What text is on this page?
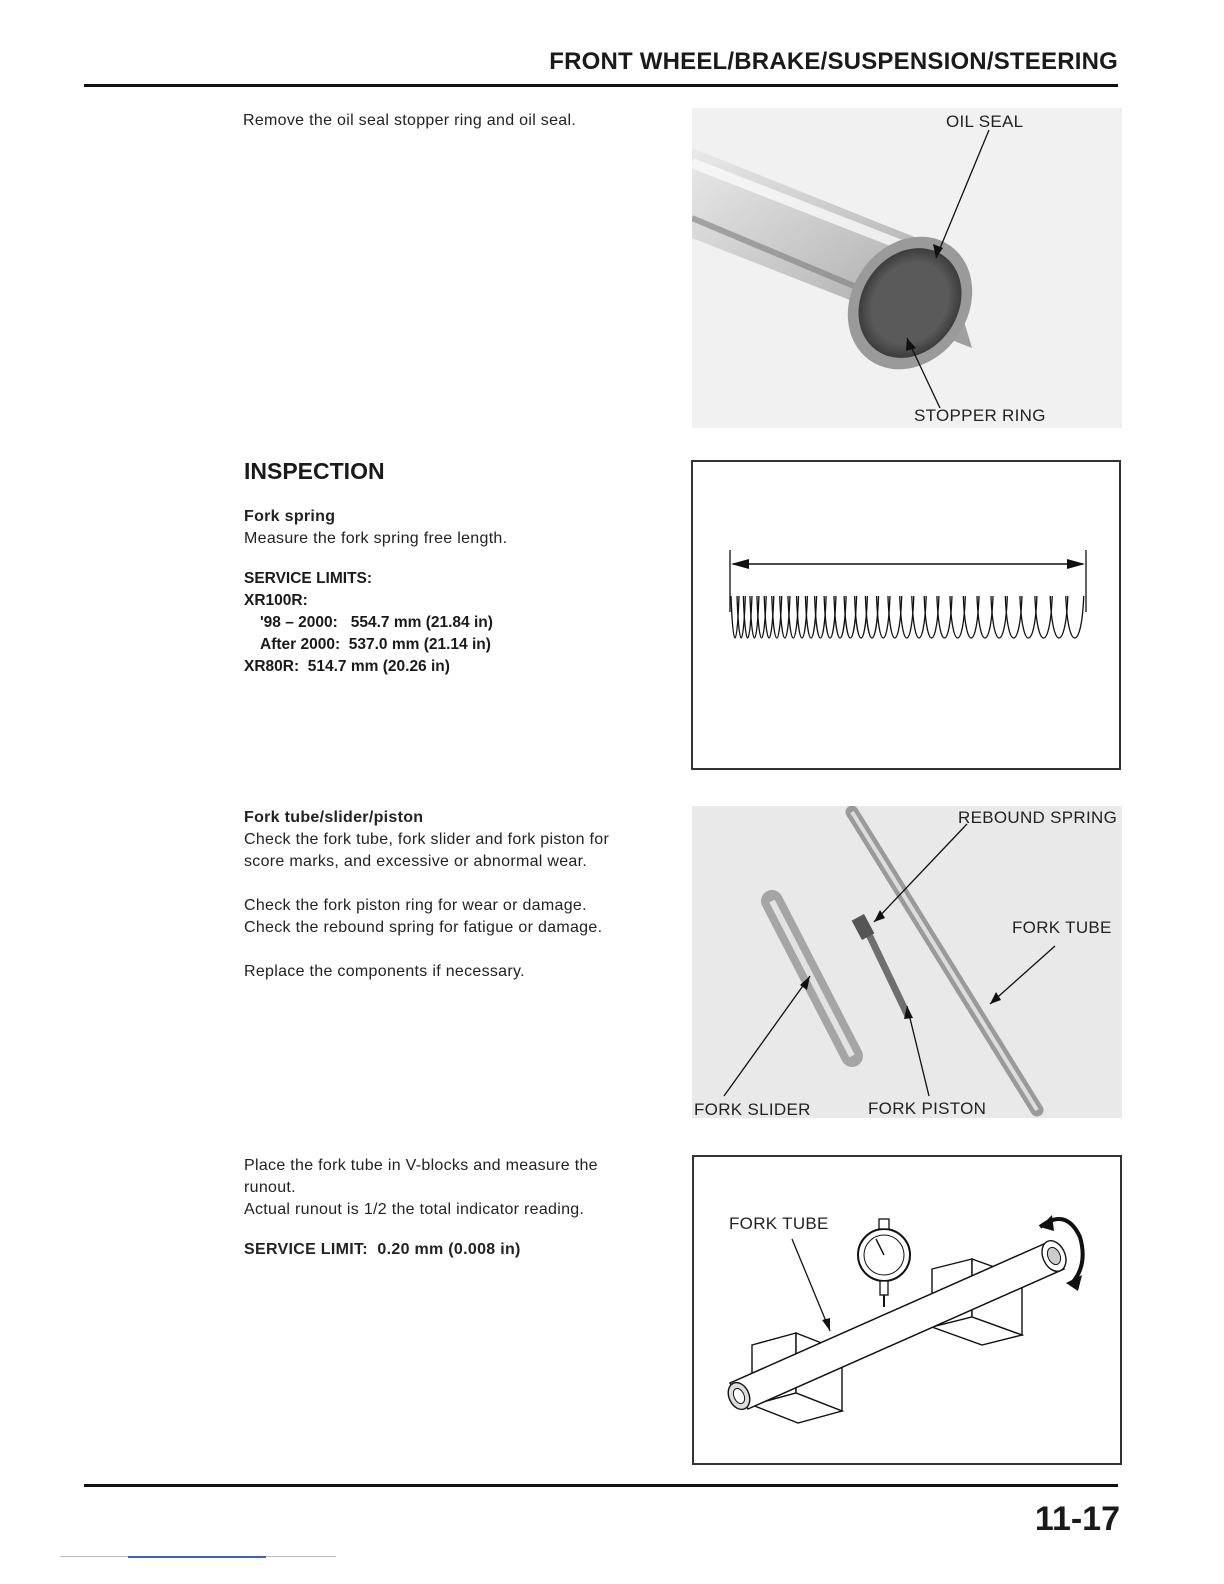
FRONT WHEEL/BRAKE/SUSPENSION/STEERING
Remove the oil seal stopper ring and oil seal.	OIL SEAL
STOPPER RING
INSPECTION
Fork spring
Measure the fork spring free length.
SERVICE LIMITS:
XR100R:
'98 – 2000: 554.7 mm (21.84 in)
After 2000: 537.0 mm (21.14 in)
XR80R: 514.7 mm (20.26 in)
Fork tube/slider/piston
Check the fork tube, fork slider and fork piston for
score marks, and excessive or abnormal wear.
Check the fork piston ring for wear or damage.
Check the rebound spring for fatigue or damage.
Replace the components if necessary.
REBOUND SPRING
FORK TUBE
FORK SLIDER	FORK PISTON
Place the fork tube in V-blocks and measure the
runout.
Actual runout is 1/2 the total indicator reading.
SERVICE LIMIT: 0.20 mm (0.008 in)
FORK TUBE
11-17
